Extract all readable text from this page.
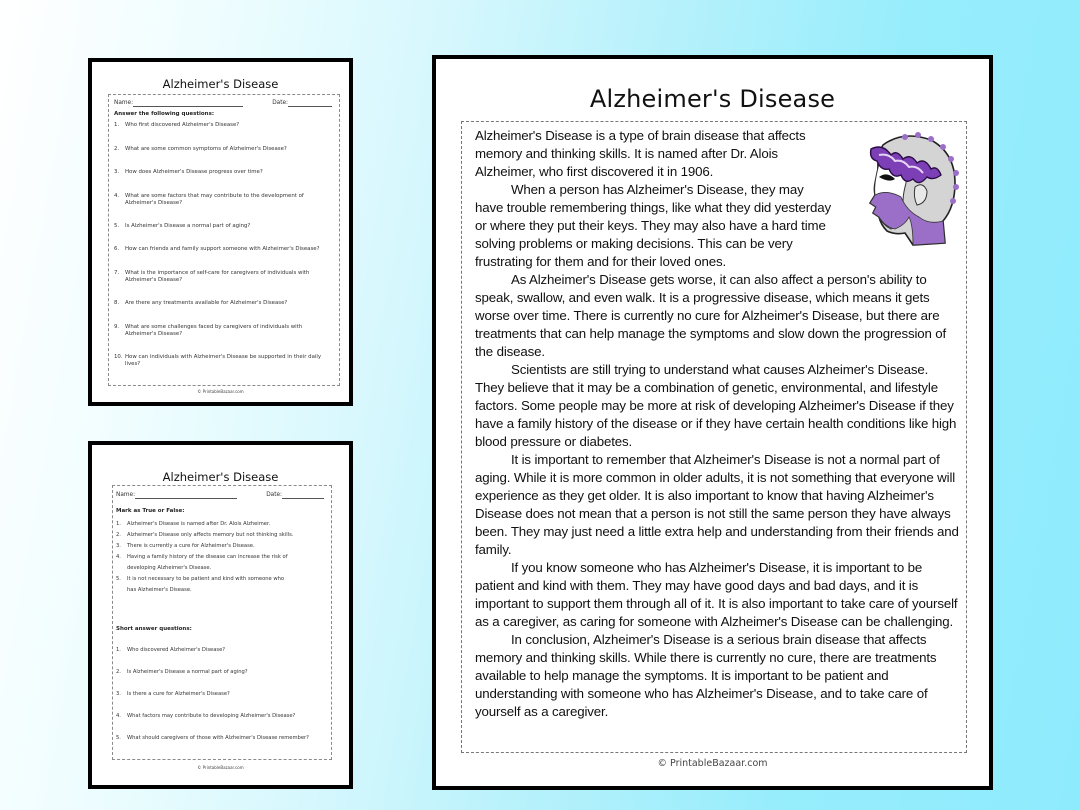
Alzheimer's Disease
Name:	Date:
Answer the following questions:
1. Who first discovered Alzheimer's Disease?
2. What are some common symptoms of Alzheimer's Disease?
3. How does Alzheimer's Disease progress over time?
4. What are some factors that may contribute to the development of Alzheimer's Disease?
5. Is Alzheimer's Disease a normal part of aging?
6. How can friends and family support someone with Alzheimer's Disease?
7. What is the importance of self-care for caregivers of individuals with Alzheimer's Disease?
8. Are there any treatments available for Alzheimer's Disease?
9. What are some challenges faced by caregivers of individuals with Alzheimer's Disease?
10. How can individuals with Alzheimer's Disease be supported in their daily lives?
© PrintableBazaar.com
Alzheimer's Disease
Name:	Date:
Mark as True or False:
1. Alzheimer's Disease is named after Dr. Alois Alzheimer.
2. Alzheimer's Disease only affects memory but not thinking skills.
3. There is currently a cure for Alzheimer's Disease.
4. Having a family history of the disease can increase the risk of developing Alzheimer's Disease.
5. It is not necessary to be patient and kind with someone who has Alzheimer's Disease.
Short answer questions:
1. Who discovered Alzheimer's Disease?
2. Is Alzheimer's Disease a normal part of aging?
3. Is there a cure for Alzheimer's Disease?
4. What factors may contribute to developing Alzheimer's Disease?
5. What should caregivers of those with Alzheimer's Disease remember?
© PrintableBazaar.com
Alzheimer's Disease

Alzheimer's Disease is a type of brain disease that affects memory and thinking skills. It is named after Dr. Alois Alzheimer, who first discovered it in 1906.

When a person has Alzheimer's Disease, they may have trouble remembering things, like what they did yesterday or where they put their keys. They may also have a hard time solving problems or making decisions. This can be very frustrating for them and for their loved ones.

As Alzheimer's Disease gets worse, it can also affect a person's ability to speak, swallow, and even walk. It is a progressive disease, which means it gets worse over time. There is currently no cure for Alzheimer's Disease, but there are treatments that can help manage the symptoms and slow down the progression of the disease.

Scientists are still trying to understand what causes Alzheimer's Disease. They believe that it may be a combination of genetic, environmental, and lifestyle factors. Some people may be more at risk of developing Alzheimer's Disease if they have a family history of the disease or if they have certain health conditions like high blood pressure or diabetes.

It is important to remember that Alzheimer's Disease is not a normal part of aging. While it is more common in older adults, it is not something that everyone will experience as they get older. It is also important to know that having Alzheimer's Disease does not mean that a person is not still the same person they have always been. They may just need a little extra help and understanding from their friends and family.

If you know someone who has Alzheimer's Disease, it is important to be patient and kind with them. They may have good days and bad days, and it is important to support them through all of it. It is also important to take care of yourself as a caregiver, as caring for someone with Alzheimer's Disease can be challenging.

In conclusion, Alzheimer's Disease is a serious brain disease that affects memory and thinking skills. While there is currently no cure, there are treatments available to help manage the symptoms. It is important to be patient and understanding with someone who has Alzheimer's Disease, and to take care of yourself as a caregiver.

© PrintableBazaar.com
